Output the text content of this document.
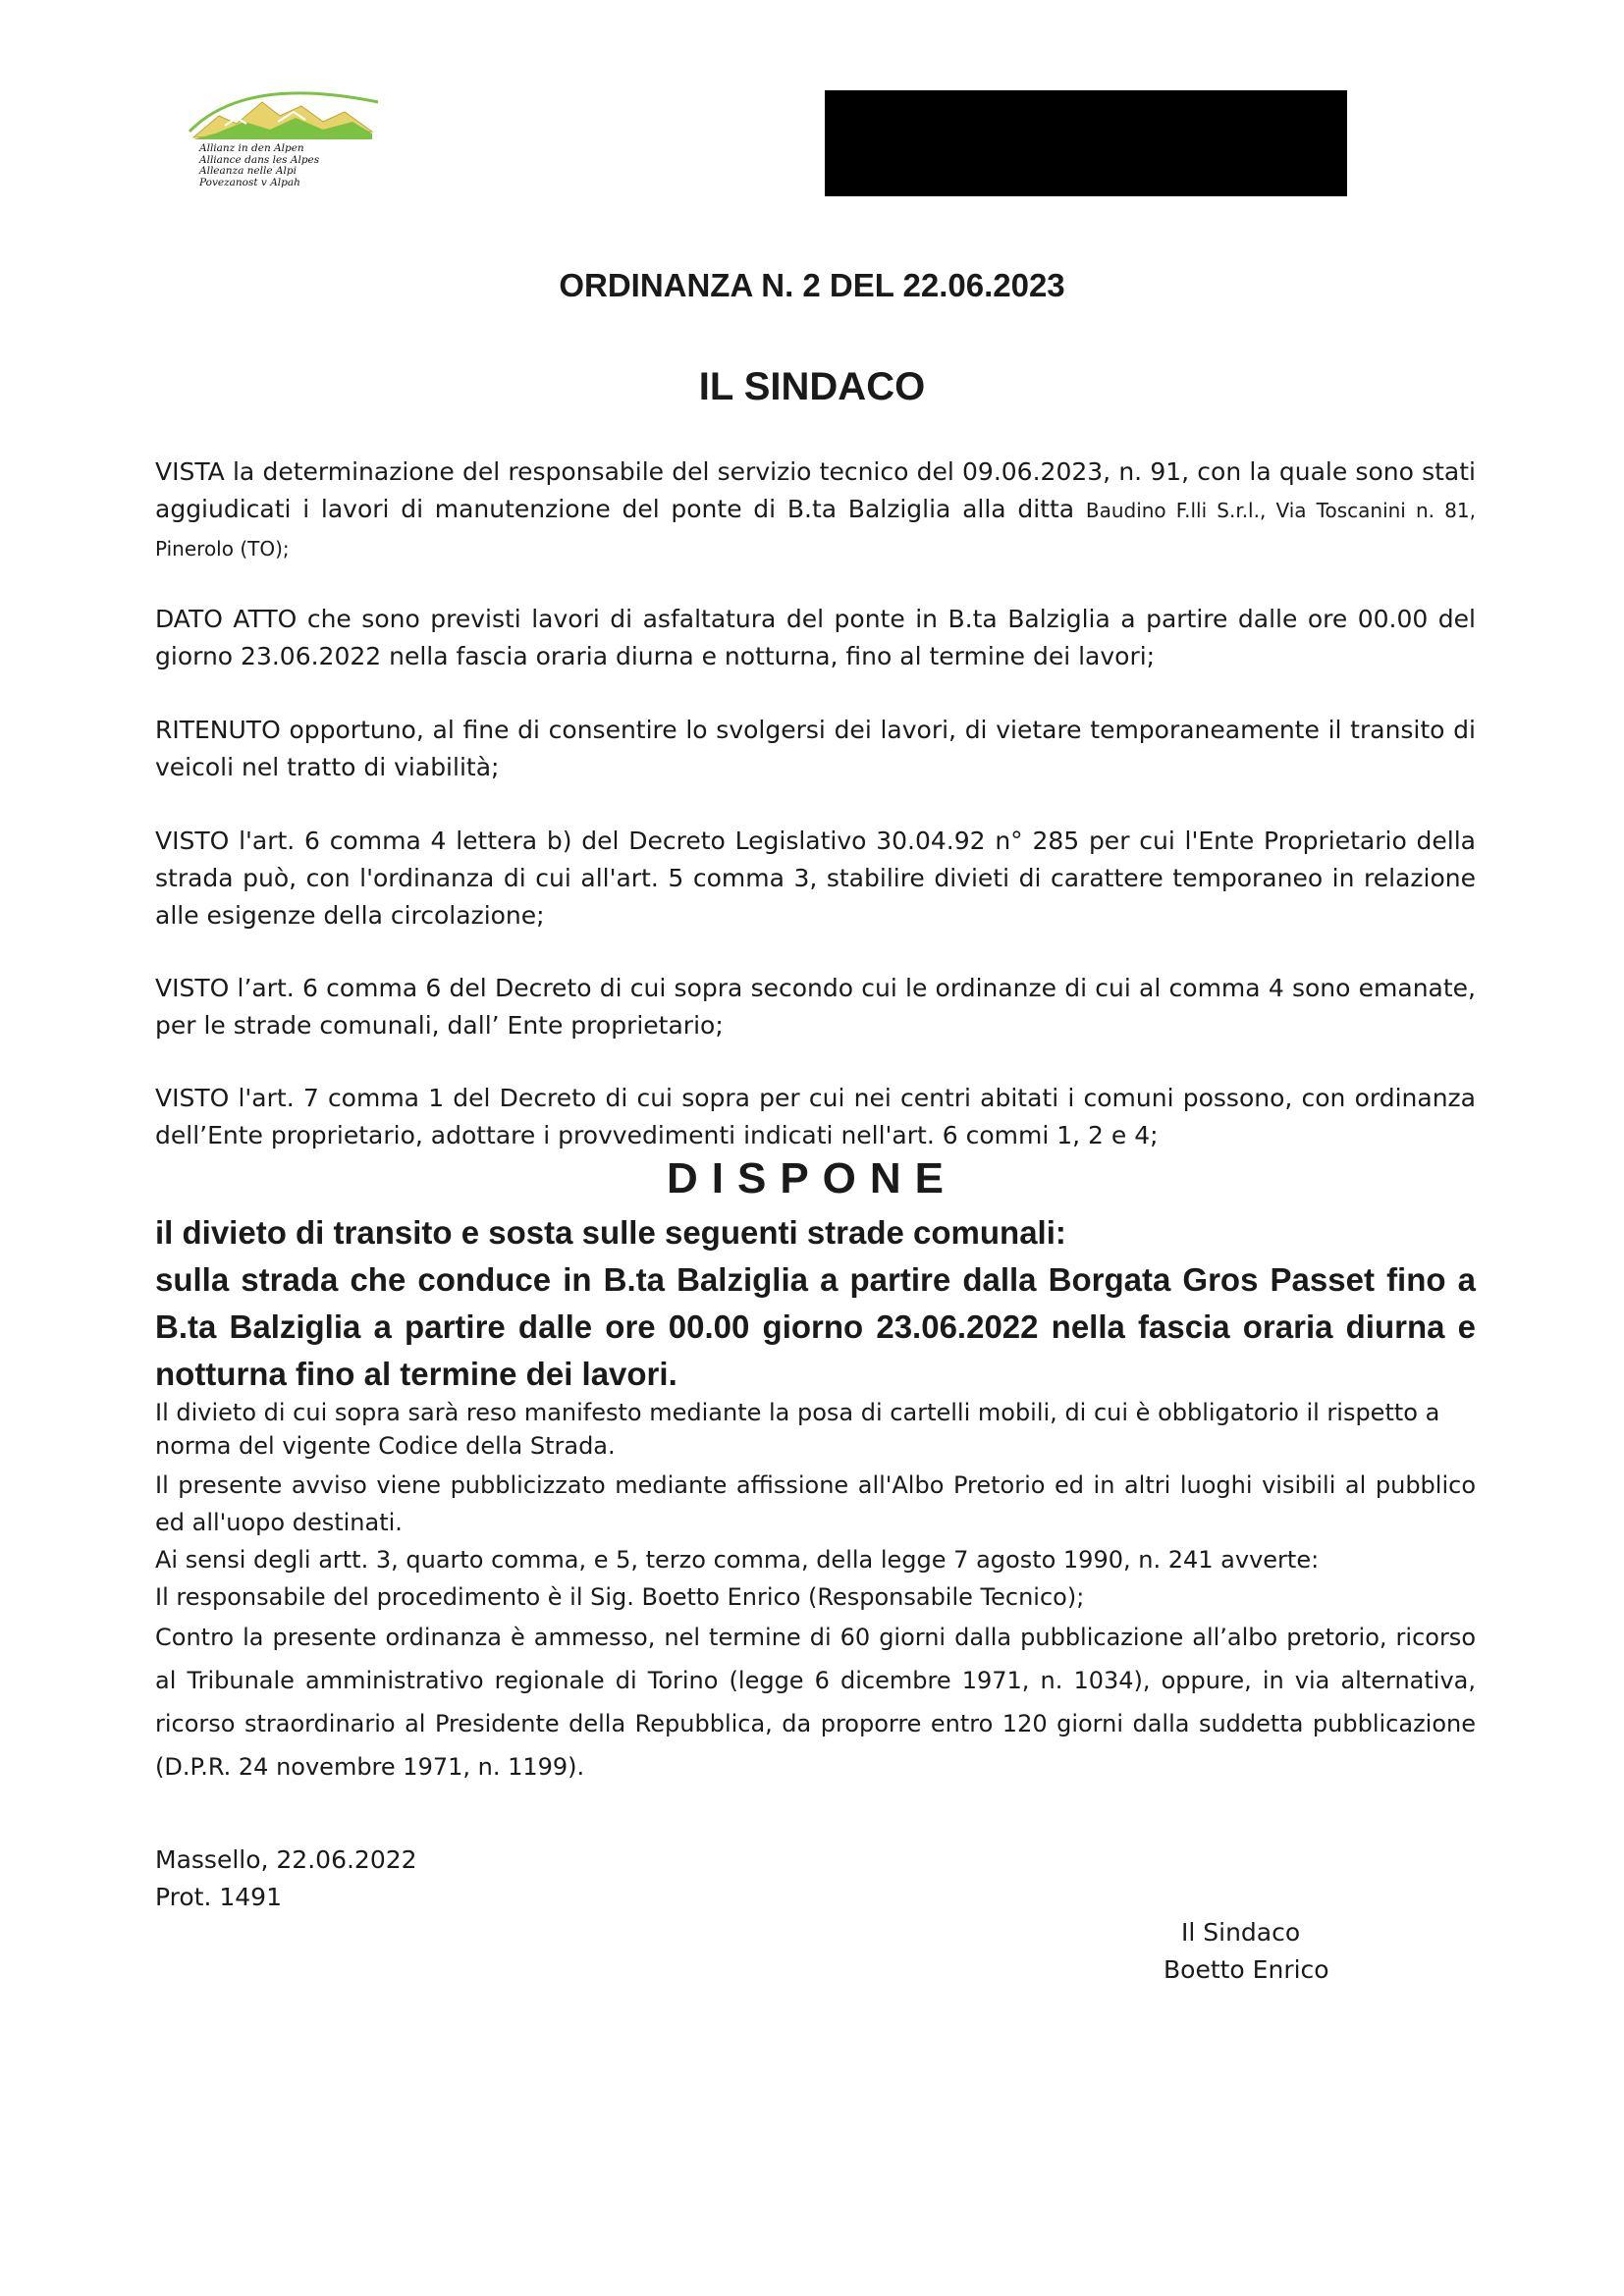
Allianz in den Alpen
Alliance dans les Alpes
Alleanza nelle Alpi
Povezanost v Alpah
ORDINANZA N. 2 DEL 22.06.2023
IL SINDACO
VISTA la determinazione del responsabile del servizio tecnico del 09.06.2023, n. 91, con la quale sono stati aggiudicati i lavori di manutenzione del ponte di B.ta Balziglia alla ditta Baudino F.lli S.r.l., Via Toscanini n. 81, Pinerolo (TO);
DATO ATTO che sono previsti lavori di asfaltatura del ponte in B.ta Balziglia a partire dalle ore 00.00 del giorno 23.06.2022 nella fascia oraria diurna e notturna, fino al termine dei lavori;
RITENUTO opportuno, al fine di consentire lo svolgersi dei lavori, di vietare temporaneamente il transito di veicoli nel tratto di viabilità;
VISTO l'art. 6 comma 4 lettera b) del Decreto Legislativo 30.04.92 n° 285 per cui l'Ente Proprietario della strada può, con l'ordinanza di cui all'art. 5 comma 3, stabilire divieti di carattere temporaneo in relazione alle esigenze della circolazione;
VISTO l’art. 6 comma 6 del Decreto di cui sopra secondo cui le ordinanze di cui al comma 4 sono emanate, per le strade comunali, dall’ Ente proprietario;
VISTO l'art. 7 comma 1 del Decreto di cui sopra per cui nei centri abitati i comuni possono, con ordinanza dell’Ente proprietario, adottare i provvedimenti indicati nell'art. 6 commi 1, 2 e 4;
DISPONE
il divieto di transito e sosta sulle seguenti strade comunali:
sulla strada che conduce in B.ta Balziglia a partire dalla Borgata Gros Passet fino a B.ta Balziglia a partire dalle ore 00.00 giorno 23.06.2022 nella fascia oraria diurna e notturna fino al termine dei lavori.

Il divieto di cui sopra sarà reso manifesto mediante la posa di cartelli mobili, di cui è obbligatorio il rispetto a norma del vigente Codice della Strada.

Il presente avviso viene pubblicizzato mediante affissione all'Albo Pretorio ed in altri luoghi visibili al pubblico ed all'uopo destinati.

Ai sensi degli artt. 3, quarto comma, e 5, terzo comma, della legge 7 agosto 1990, n. 241 avverte:

Il responsabile del procedimento è il Sig. Boetto Enrico (Responsabile Tecnico);

Contro la presente ordinanza è ammesso, nel termine di 60 giorni dalla pubblicazione all’albo pretorio, ricorso al Tribunale amministrativo regionale di Torino (legge 6 dicembre 1971, n. 1034), oppure, in via alternativa, ricorso straordinario al Presidente della Repubblica, da proporre entro 120 giorni dalla suddetta pubblicazione (D.P.R. 24 novembre 1971, n. 1199).

Massello, 22.06.2022
Prot. 1491
Il Sindaco
Boetto Enrico
